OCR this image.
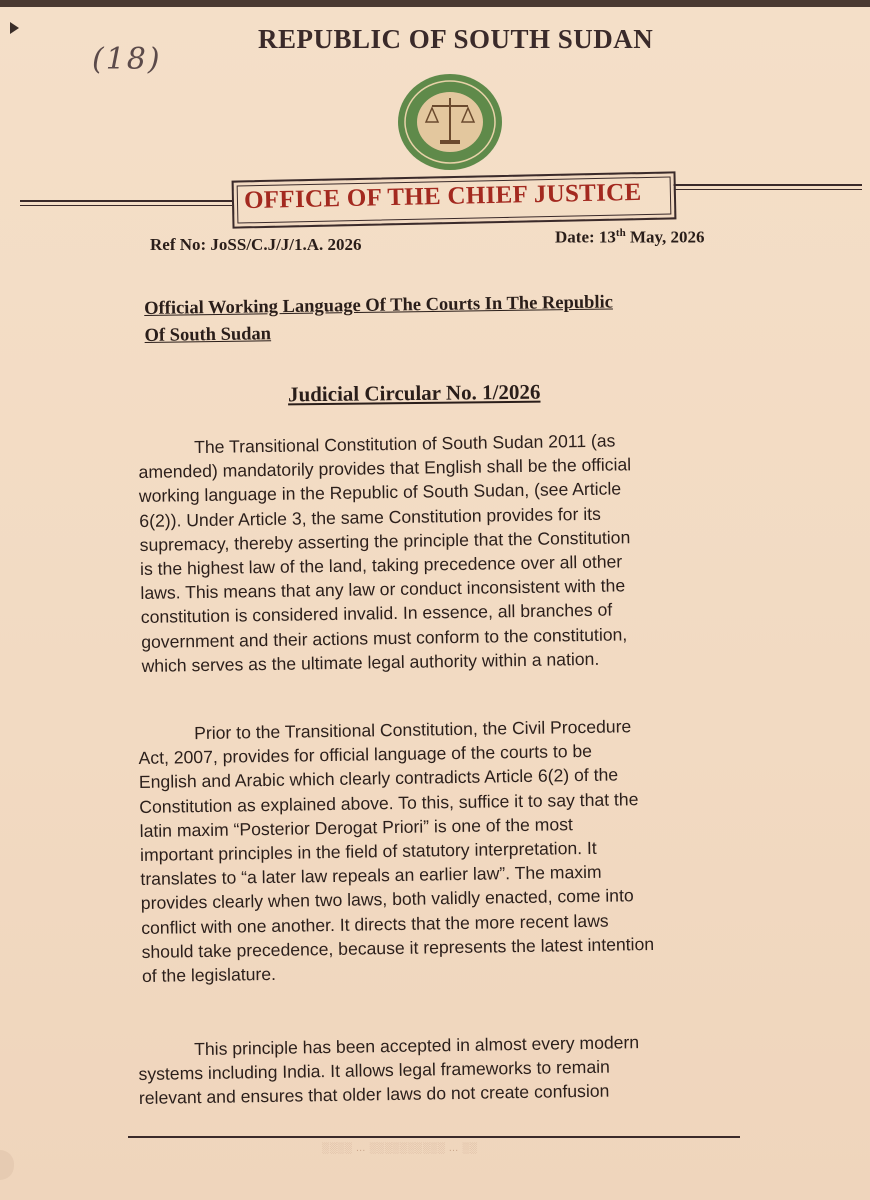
(18)
REPUBLIC OF SOUTH SUDAN
OFFICE OF THE CHIEF JUSTICE
Ref No: JoSS/C.J/J/1.A. 2026	Date: 13th May, 2026
Official Working Language Of The Courts In The Republic
Of South Sudan
Judicial Circular No. 1/2026
The Transitional Constitution of South Sudan 2011 (as
amended) mandatorily provides that English shall be the official
working language in the Republic of South Sudan, (see Article
6(2)). Under Article 3, the same Constitution provides for its
supremacy, thereby asserting the principle that the Constitution
is the highest law of the land, taking precedence over all other
laws. This means that any law or conduct inconsistent with the
constitution is considered invalid. In essence, all branches of
government and their actions must conform to the constitution,
which serves as the ultimate legal authority within a nation.
Prior to the Transitional Constitution, the Civil Procedure
Act, 2007, provides for official language of the courts to be
English and Arabic which clearly contradicts Article 6(2) of the
Constitution as explained above. To this, suffice it to say that the
latin maxim “Posterior Derogat Priori” is one of the most
important principles in the field of statutory interpretation. It
translates to “a later law repeals an earlier law”. The maxim
provides clearly when two laws, both validly enacted, come into
conflict with one another. It directs that the more recent laws
should take precedence, because it represents the latest intention
of the legislature.
This principle has been accepted in almost every modern
systems including India. It allows legal frameworks to remain
relevant and ensures that older laws do not create confusion
░░░░ … ░░░░░░░░░░ … ░░
